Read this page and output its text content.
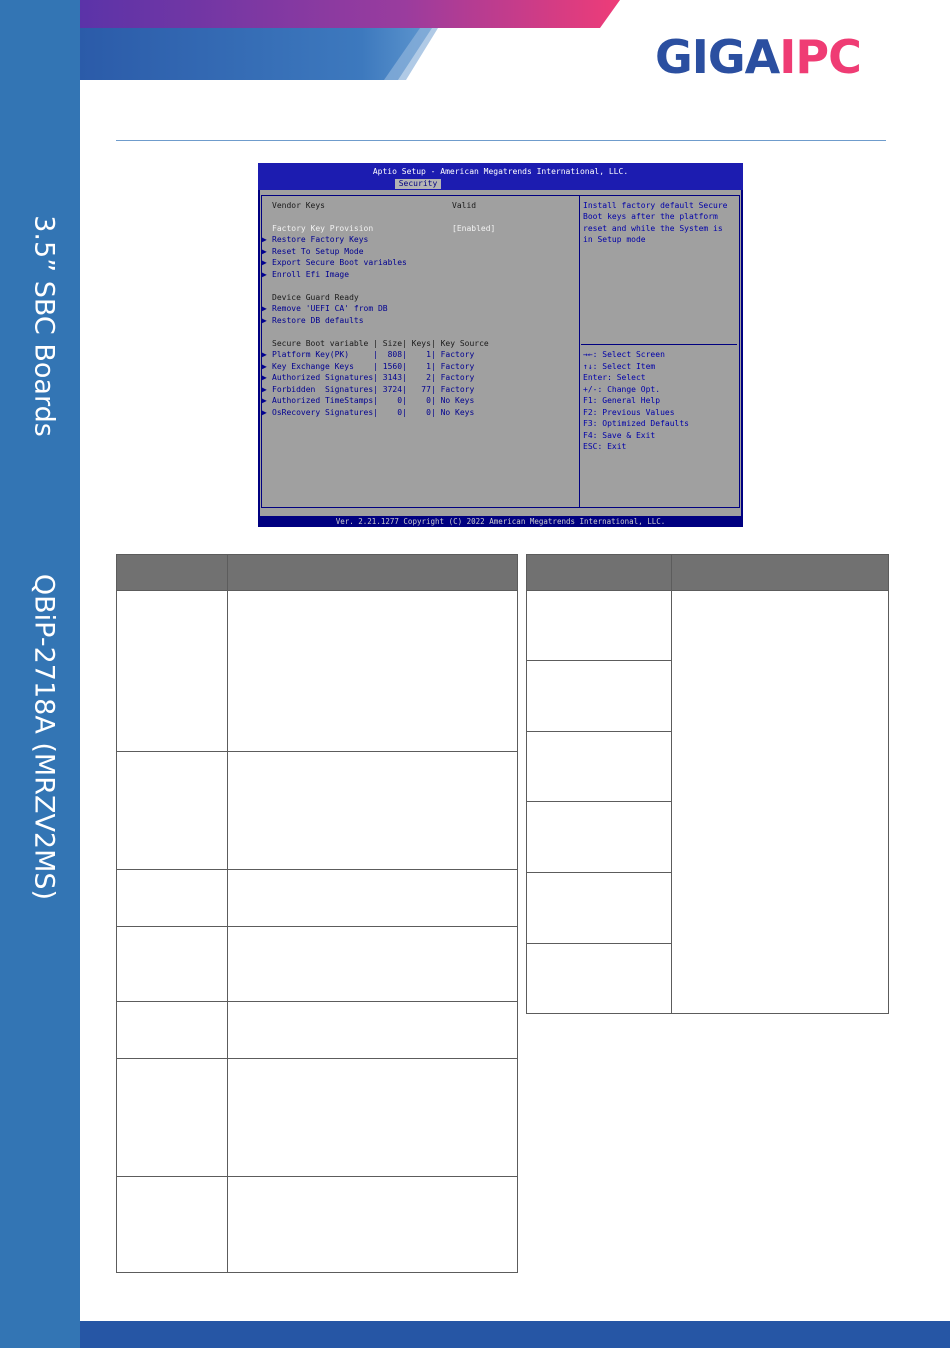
3.5” SBC Boards
QBiP-2718A (MRZV2MS)
GIGAIPC
Aptio Setup - American Megatrends International, LLC.
Security
Vendor Keys	Valid
Factory Key Provision	[Enabled]
▶ Restore Factory Keys
▶ Reset To Setup Mode
▶ Export Secure Boot variables
▶ Enroll Efi Image
Device Guard Ready
▶ Remove 'UEFI CA' from DB
▶ Restore DB defaults
Secure Boot variable | Size| Keys| Key Source
▶ Platform Key(PK)     |  808|    1| Factory
▶ Key Exchange Keys    | 1560|    1| Factory
▶ Authorized Signatures| 3143|    2| Factory
▶ Forbidden  Signatures| 3724|   77| Factory
▶ Authorized TimeStamps|    0|    0| No Keys
▶ OsRecovery Signatures|    0|    0| No Keys
Install factory default Secure
Boot keys after the platform
reset and while the System is
in Setup mode
→←: Select Screen
↑↓: Select Item
Enter: Select
+/-: Change Opt.
F1: General Help
F2: Previous Values
F3: Optimized Defaults
F4: Save & Exit
ESC: Exit
Ver. 2.21.1277 Copyright (C) 2022 American Megatrends International, LLC.
